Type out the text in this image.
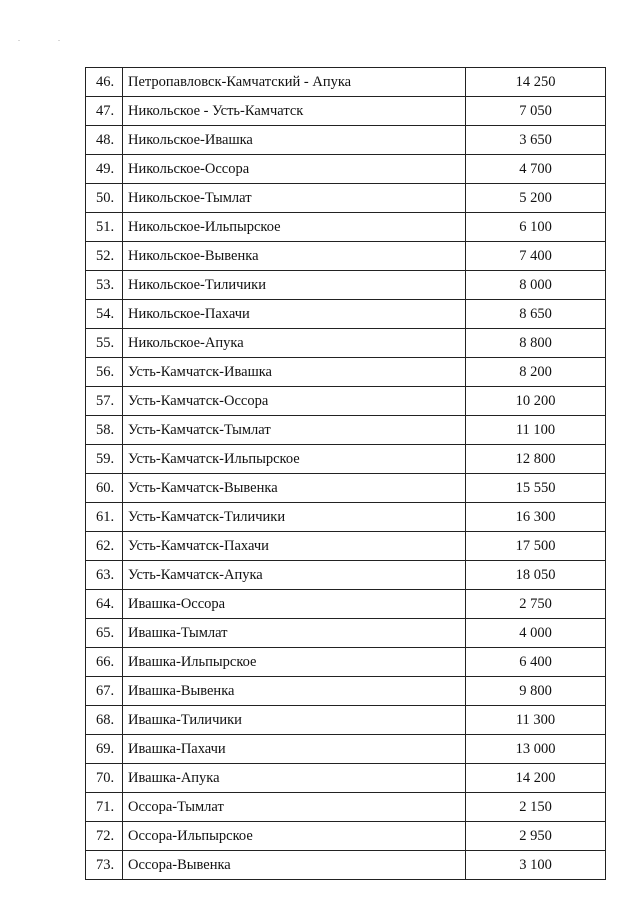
. .
46.	Петропавловск-Камчатский - Апука	14 250
47.	Никольское - Усть-Камчатск	7 050
48.	Никольское-Ивашка	3 650
49.	Никольское-Оссора	4 700
50.	Никольское-Тымлат	5 200
51.	Никольское-Ильпырское	6 100
52.	Никольское-Вывенка	7 400
53.	Никольское-Тиличики	8 000
54.	Никольское-Пахачи	8 650
55.	Никольское-Апука	8 800
56.	Усть-Камчатск-Ивашка	8 200
57.	Усть-Камчатск-Оссора	10 200
58.	Усть-Камчатск-Тымлат	11 100
59.	Усть-Камчатск-Ильпырское	12 800
60.	Усть-Камчатск-Вывенка	15 550
61.	Усть-Камчатск-Тиличики	16 300
62.	Усть-Камчатск-Пахачи	17 500
63.	Усть-Камчатск-Апука	18 050
64.	Ивашка-Оссора	2 750
65.	Ивашка-Тымлат	4 000
66.	Ивашка-Ильпырское	6 400
67.	Ивашка-Вывенка	9 800
68.	Ивашка-Тиличики	11 300
69.	Ивашка-Пахачи	13 000
70.	Ивашка-Апука	14 200
71.	Оссора-Тымлат	2 150
72.	Оссора-Ильпырское	2 950
73.	Оссора-Вывенка	3 100
